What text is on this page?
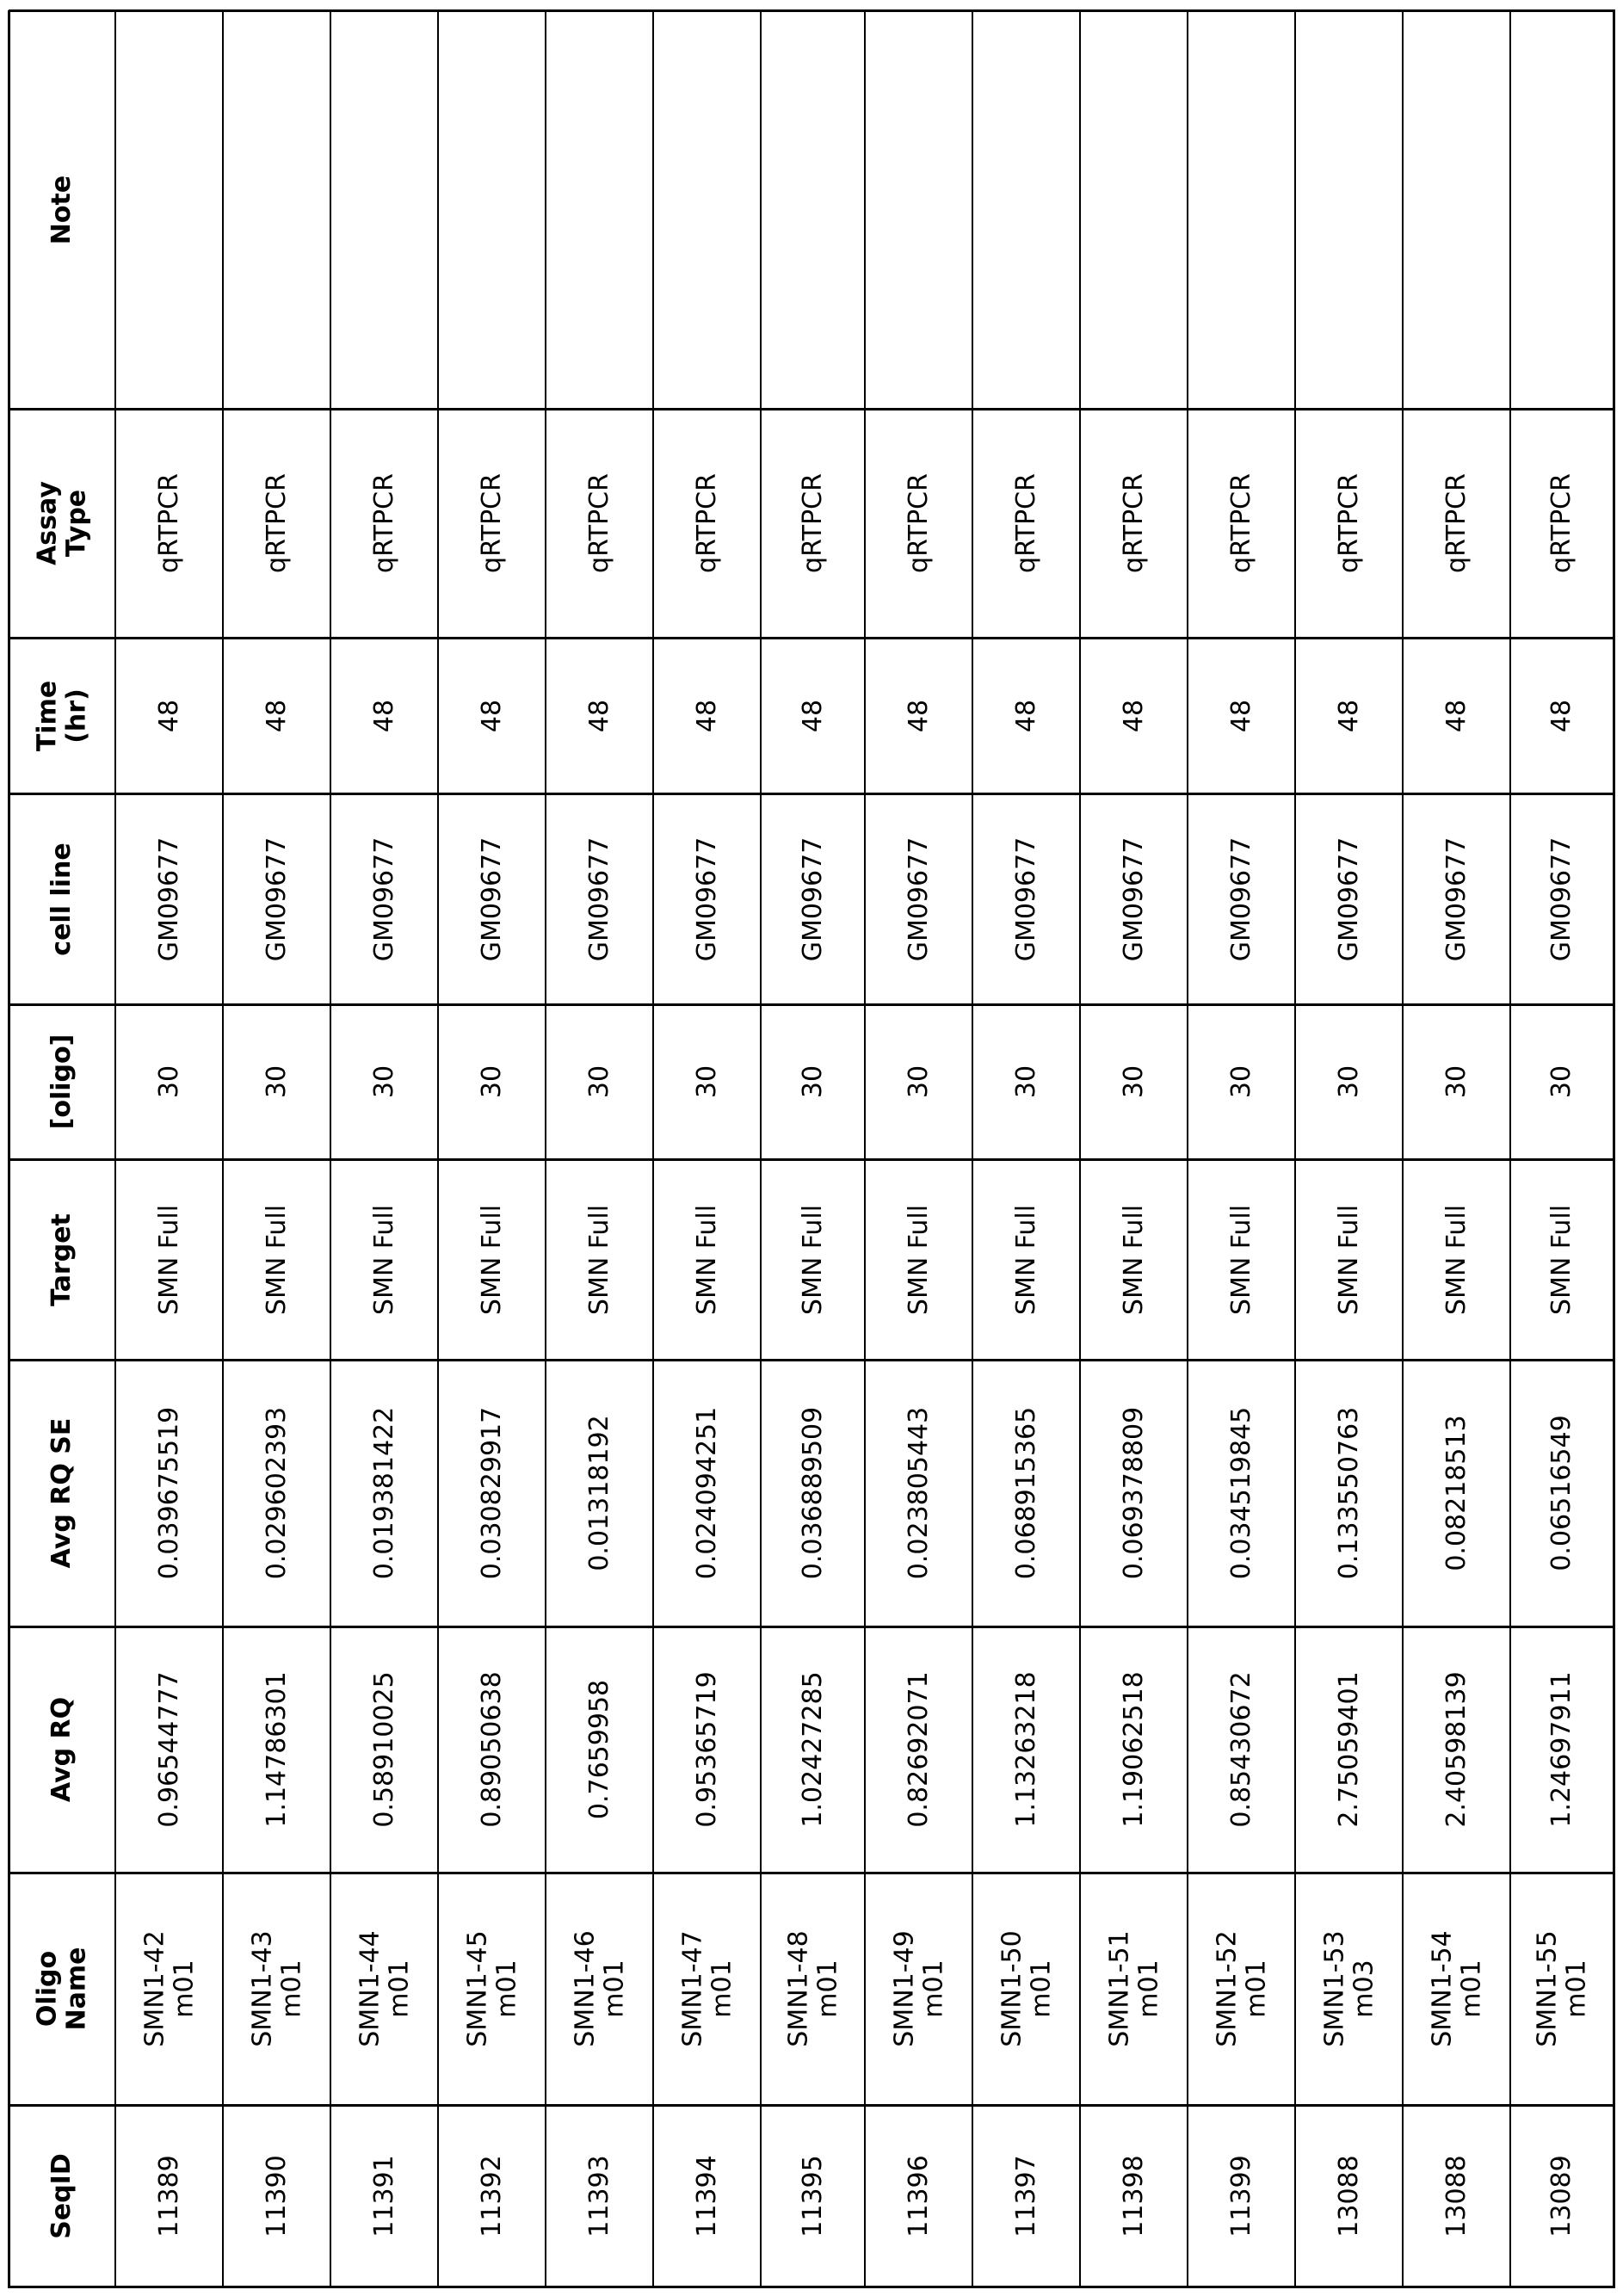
SeqID
Oligo
Name
Avg RQ
Avg RQ SE
Target
[oligo]
cell line
Time
(hr)
Assay
Type
Note
11389
SMN1-42
m01
0.96544777
0.039675519
SMN Full
30
GM09677
48
qRTPCR
11390
SMN1-43
m01
1.14786301
0.029602393
SMN Full
30
GM09677
48
qRTPCR
11391
SMN1-44
m01
0.58910025
0.019381422
SMN Full
30
GM09677
48
qRTPCR
11392
SMN1-45
m01
0.89050638
0.030829917
SMN Full
30
GM09677
48
qRTPCR
11393
SMN1-46
m01
0.7659958
0.01318192
SMN Full
30
GM09677
48
qRTPCR
11394
SMN1-47
m01
0.95365719
0.024094251
SMN Full
30
GM09677
48
qRTPCR
11395
SMN1-48
m01
1.02427285
0.036889509
SMN Full
30
GM09677
48
qRTPCR
11396
SMN1-49
m01
0.82692071
0.023805443
SMN Full
30
GM09677
48
qRTPCR
11397
SMN1-50
m01
1.13263218
0.068915365
SMN Full
30
GM09677
48
qRTPCR
11398
SMN1-51
m01
1.19062518
0.069378809
SMN Full
30
GM09677
48
qRTPCR
11399
SMN1-52
m01
0.85430672
0.034519845
SMN Full
30
GM09677
48
qRTPCR
13088
SMN1-53
m03
2.75059401
0.133550763
SMN Full
30
GM09677
48
qRTPCR
13088
SMN1-54
m01
2.40598139
0.08218513
SMN Full
30
GM09677
48
qRTPCR
13089
SMN1-55
m01
1.24697911
0.06516549
SMN Full
30
GM09677
48
qRTPCR
